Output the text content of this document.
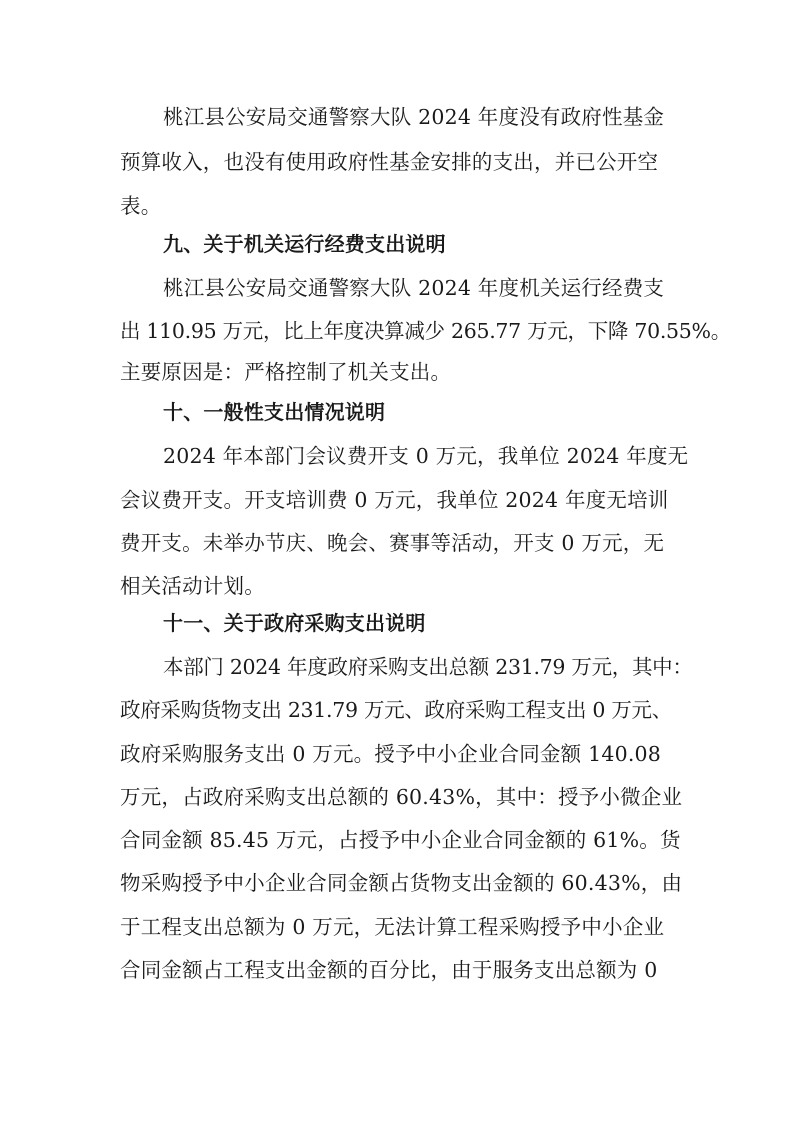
桃江县公安局交通警察大队 2024 年度没有政府性基金
预算收入，也没有使用政府性基金安排的支出，并已公开空
表。
九、关于机关运行经费支出说明
桃江县公安局交通警察大队 2024 年度机关运行经费支
出 110.95 万元，比上年度决算减少 265.77 万元，下降 70.55%。
主要原因是：严格控制了机关支出。
十、一般性支出情况说明
2024 年本部门会议费开支 0 万元，我单位 2024 年度无
会议费开支。开支培训费 0 万元，我单位 2024 年度无培训
费开支。未举办节庆、晚会、赛事等活动，开支 0 万元，无
相关活动计划。
十一、关于政府采购支出说明
本部门 2024 年度政府采购支出总额 231.79 万元，其中：
政府采购货物支出 231.79 万元、政府采购工程支出 0 万元、
政府采购服务支出 0 万元。授予中小企业合同金额 140.08
万元，占政府采购支出总额的 60.43%，其中：授予小微企业
合同金额 85.45 万元，占授予中小企业合同金额的 61%。货
物采购授予中小企业合同金额占货物支出金额的 60.43%，由
于工程支出总额为 0 万元，无法计算工程采购授予中小企业
合同金额占工程支出金额的百分比，由于服务支出总额为 0
